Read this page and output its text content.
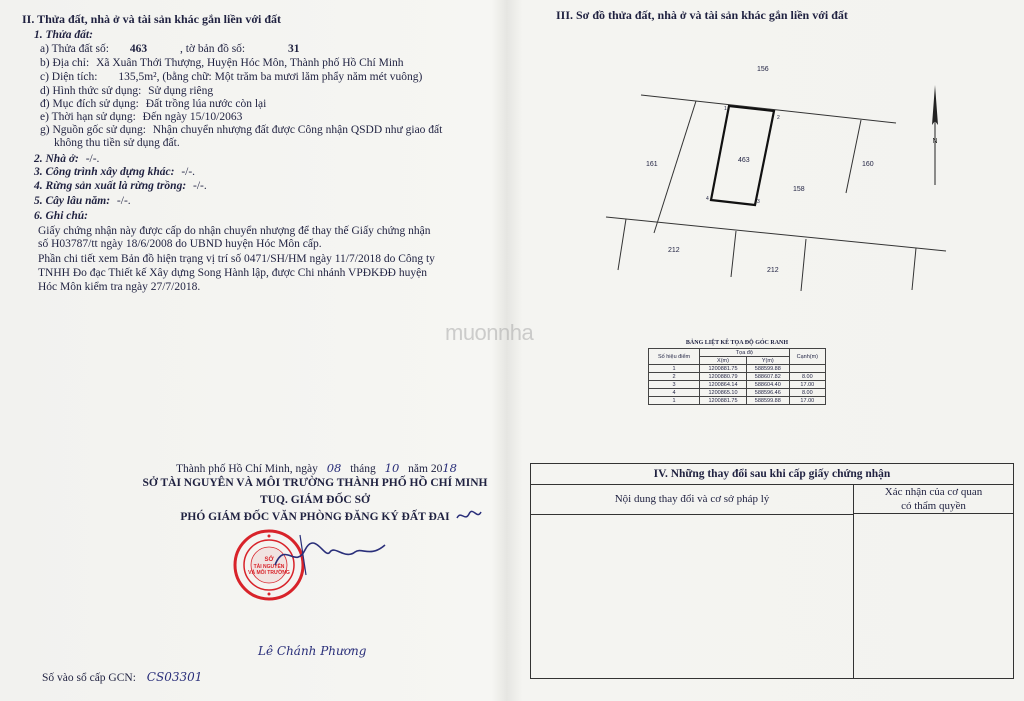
II. Thửa đất, nhà ở và tài sản khác gắn liền với đất
1. Thửa đất:
a) Thửa đất số: 463	, tờ bản đồ số:	31
b) Địa chỉ: Xã Xuân Thới Thượng, Huyện Hóc Môn, Thành phố Hồ Chí Minh
c) Diện tích: 135,5m², (bằng chữ: Một trăm ba mươi lăm phẩy năm mét vuông)
d) Hình thức sử dụng: Sử dụng riêng
đ) Mục đích sử dụng: Đất trồng lúa nước còn lại
e) Thời hạn sử dụng: Đến ngày 15/10/2063
g) Nguồn gốc sử dụng: Nhận chuyển nhượng đất được Công nhận QSDD như giao đất
không thu tiền sử dụng đất.
2. Nhà ở: -/-.
3. Công trình xây dựng khác: -/-.
4. Rừng sản xuất là rừng trồng: -/-.
5. Cây lâu năm: -/-.
6. Ghi chú:
Giấy chứng nhận này được cấp do nhận chuyển nhượng để thay thế Giấy chứng nhận
số H03787/tt ngày 18/6/2008 do UBND huyện Hóc Môn cấp.
Phần chi tiết xem Bản đồ hiện trạng vị trí số 0471/SH/HM ngày 11/7/2018 do Công ty
TNHH Đo đạc Thiết kế Xây dựng Song Hành lập, được Chi nhánh VPĐKĐĐ huyện
Hóc Môn kiểm tra ngày 27/7/2018.
Thành phố Hồ Chí Minh, ngày 08 tháng 10 năm 2018
SỞ TÀI NGUYÊN VÀ MÔI TRƯỜNG THÀNH PHỐ HỒ CHÍ MINH
TUQ. GIÁM ĐỐC SỞ
PHÓ GIÁM ĐỐC VĂN PHÒNG ĐĂNG KÝ ĐẤT ĐAI
SỞ
TÀI NGUYÊN
VÀ MÔI TRƯỜNG
Lê Chánh Phương
Số vào sổ cấp GCN: CS03301
muonnha
III. Sơ đồ thửa đất, nhà ở và tài sản khác gắn liền với đất
156
161	160
158
463
212
212
1
2
3
4
N
BẢNG LIỆT KÊ TỌA ĐỘ GÓC RANH
Số hiệu điểm	Tọa độ		Cạnh(m)
	X(m)	Y(m)	
1	1200881.75	588599.88	
2	1200880.79	588607.82	8.00
3	1200864.14	588604.40	17.00
4	1200865.10	588596.46	8.00
1	1200881.75	588599.88	17.00
IV. Những thay đổi sau khi cấp giấy chứng nhận
Nội dung thay đổi và cơ sở pháp lý
Xác nhận của cơ quan
có thẩm quyền
